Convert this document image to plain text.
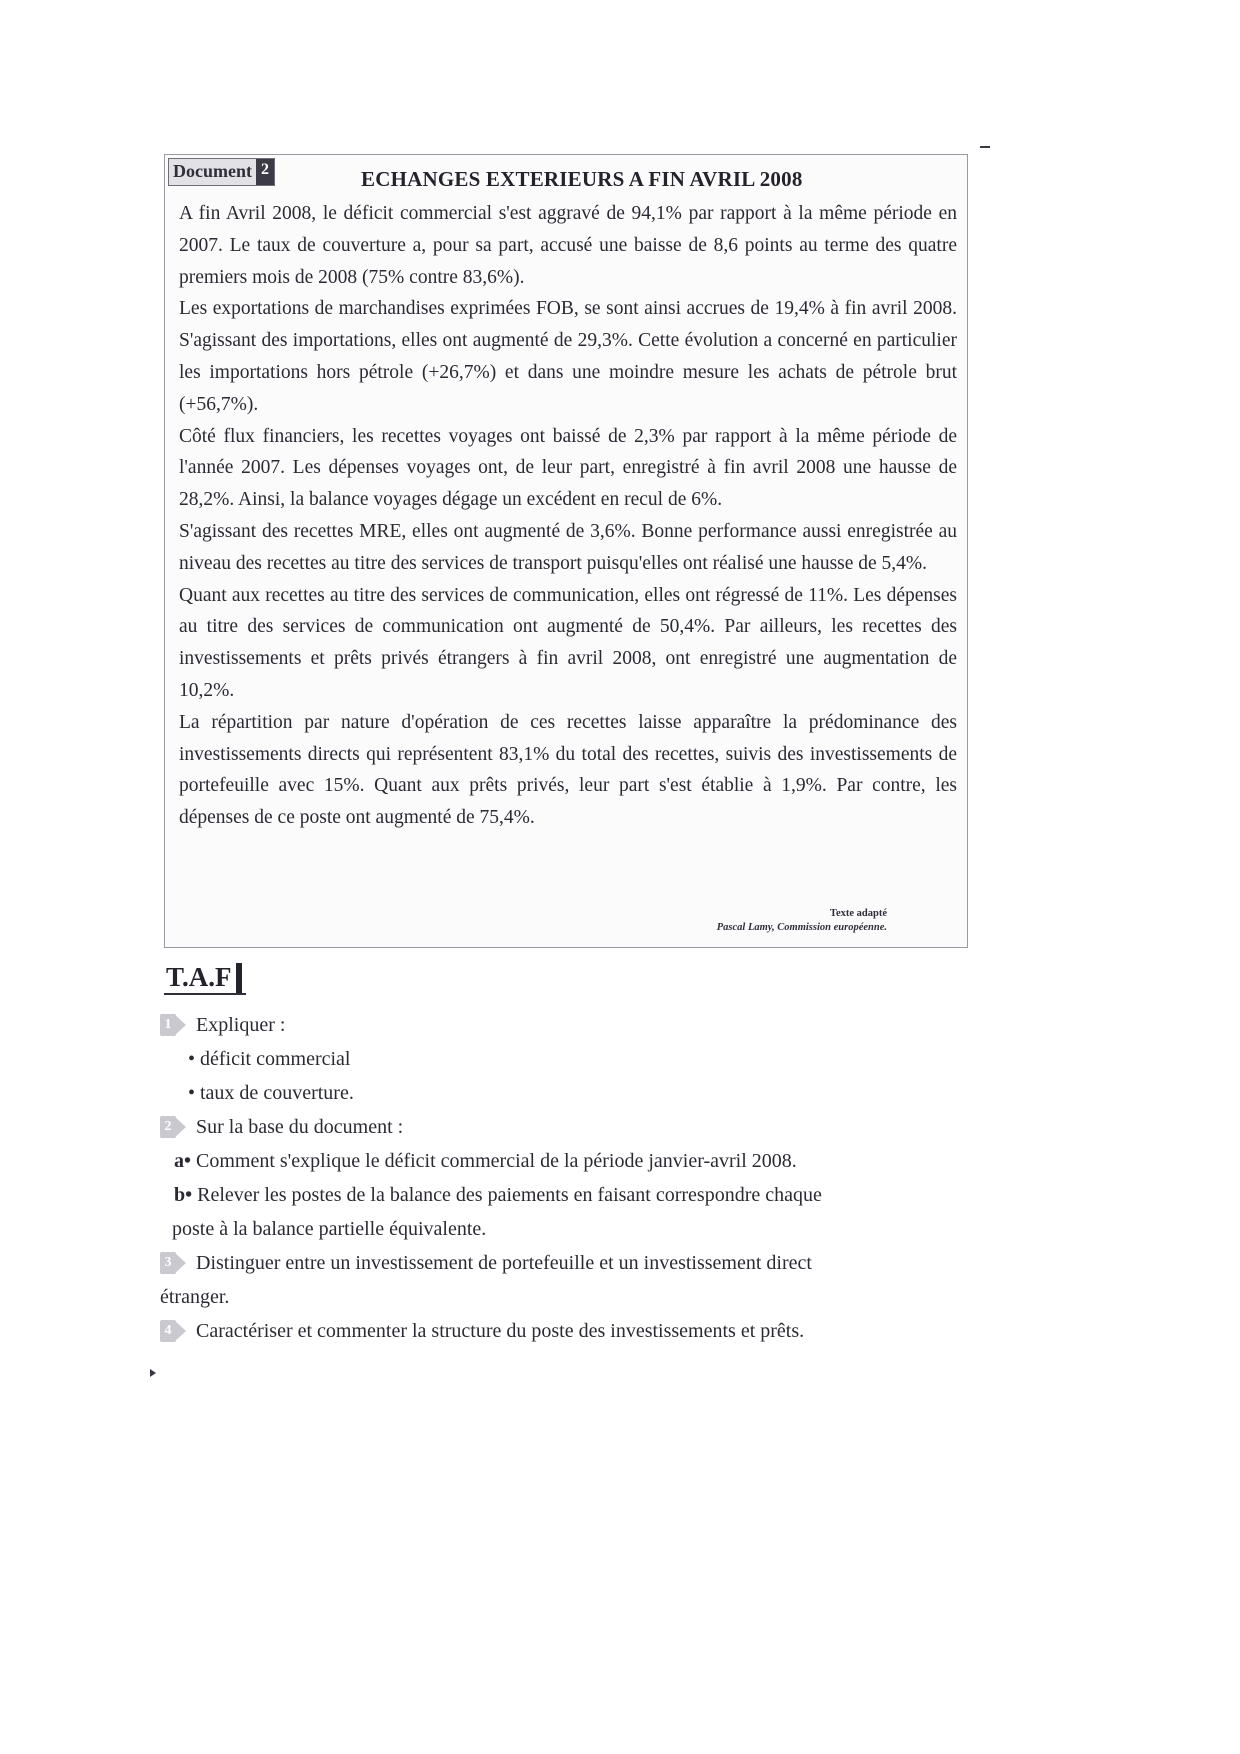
Document 2	ECHANGES EXTERIEURS A FIN AVRIL 2008

A fin Avril 2008, le déficit commercial s'est aggravé de 94,1% par rapport à la même période en 2007. Le taux de couverture a, pour sa part, accusé une baisse de 8,6 points au terme des quatre premiers mois de 2008 (75% contre 83,6%).

Les exportations de marchandises exprimées FOB, se sont ainsi accrues de 19,4% à fin avril 2008. S'agissant des importations, elles ont augmenté de 29,3%. Cette évolution a concerné en particulier les importations hors pétrole (+26,7%) et dans une moindre mesure les achats de pétrole brut (+56,7%).

Côté flux financiers, les recettes voyages ont baissé de 2,3% par rapport à la même période de l'année 2007. Les dépenses voyages ont, de leur part, enregistré à fin avril 2008 une hausse de 28,2%. Ainsi, la balance voyages dégage un excédent en recul de 6%.

S'agissant des recettes MRE, elles ont augmenté de 3,6%. Bonne performance aussi enregistrée au niveau des recettes au titre des services de transport puisqu'elles ont réalisé une hausse de 5,4%.

Quant aux recettes au titre des services de communication, elles ont régressé de 11%. Les dépenses au titre des services de communication ont augmenté de 50,4%. Par ailleurs, les recettes des investissements et prêts privés étrangers à fin avril 2008, ont enregistré une augmentation de 10,2%.

La répartition par nature d'opération de ces recettes laisse apparaître la prédominance des investissements directs qui représentent 83,1% du total des recettes, suivis des investissements de portefeuille avec 15%. Quant aux prêts privés, leur part s'est établie à 1,9%. Par contre, les dépenses de ce poste ont augmenté de 75,4%.

Texte adapté
Pascal Lamy, Commission européenne.
T.A.F
1 Expliquer :
• déficit commercial
• taux de couverture.
2 Sur la base du document :
a• Comment s'explique le déficit commercial de la période janvier-avril 2008.
b• Relever les postes de la balance des paiements en faisant correspondre chaque
poste à la balance partielle équivalente.
3 Distinguer entre un investissement de portefeuille et un investissement direct
étranger.
4 Caractériser et commenter la structure du poste des investissements et prêts.
